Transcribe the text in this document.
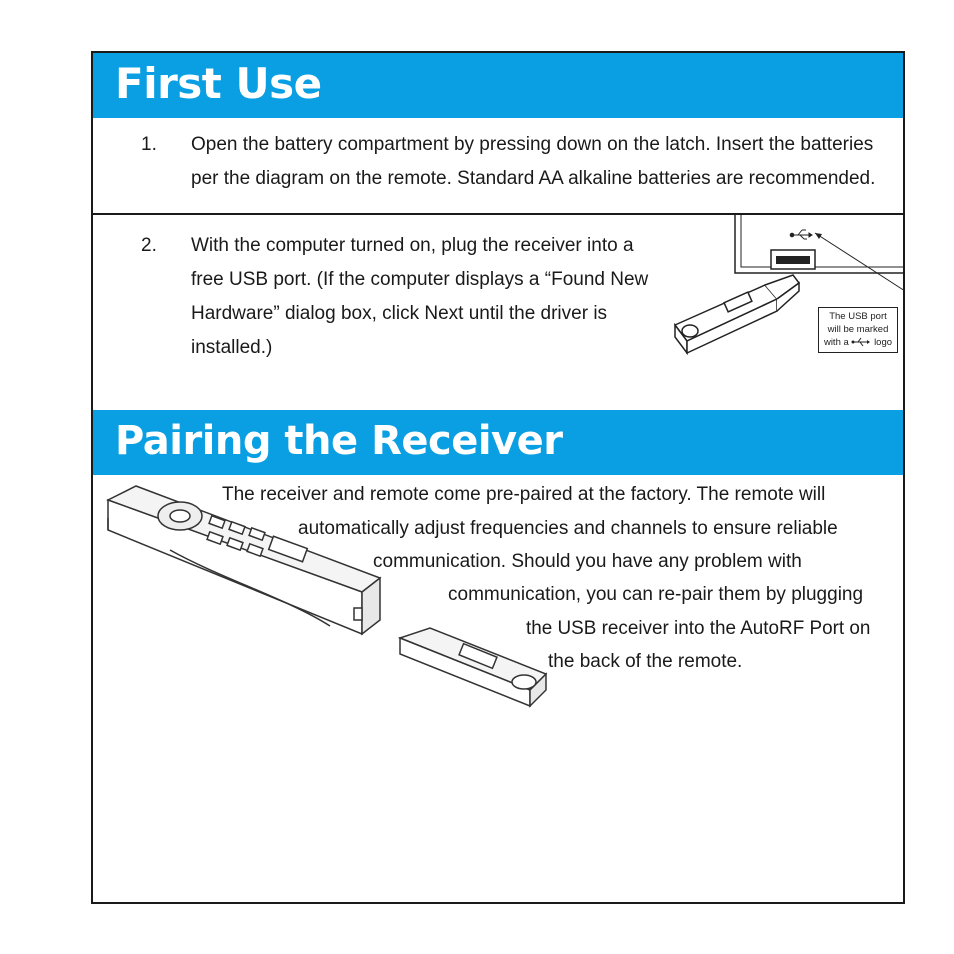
First Use
1. Open the battery compartment by pressing down on the latch. Insert the batteries
per the diagram on the remote. Standard AA alkaline batteries are recommended.
2. With the computer turned on, plug the receiver into a
free USB port. (If the computer displays a “Found New
Hardware” dialog box, click Next until the driver is
installed.)
The USB port
will be marked
with a	logo
Pairing the Receiver
The receiver and remote come pre-paired at the factory. The remote will
automatically adjust frequencies and channels to ensure reliable
communication. Should you have any problem with
communication, you can re-pair them by plugging
the USB receiver into the AutoRF Port on
the back of the remote.
